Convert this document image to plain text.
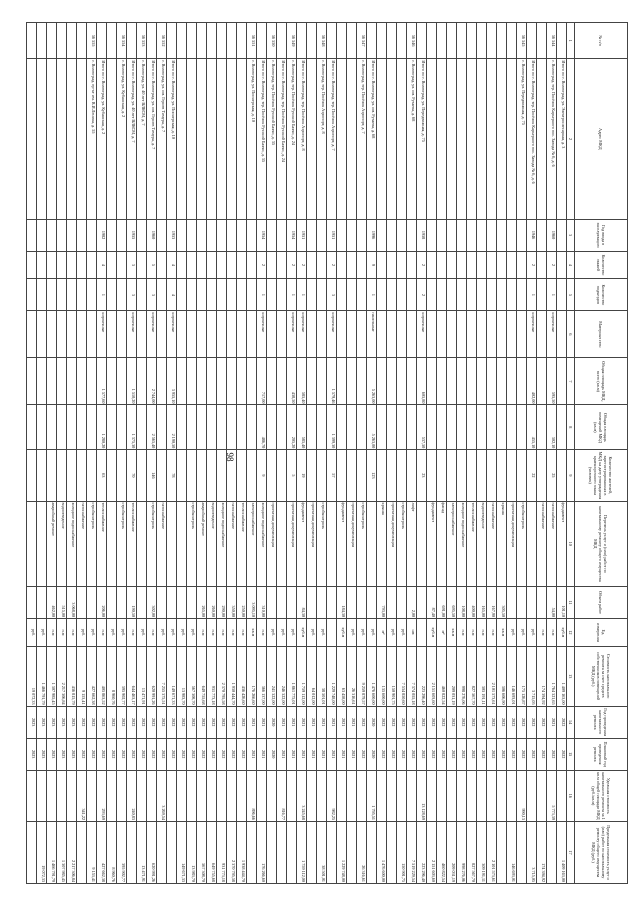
98
№ п/п	Адрес МКД	Год ввода в эксплуатацию	Количество этажей	Количество подъездов	Материал стен	Общая площадь МКД, всего (кв.м)	Общая площадь помещений МКД (кв.м)	Количество жителей, зарегистрированных в МКД на дату утверждения краткосрочного плана (человек)	Перечень услуг и (или) работ по капитальному ремонту общего имущества МКД	Объем работ	Ед. измерения	Стоимость капитального ремонта за счет средств собственников помещений МКД (руб.)	Год проведения капитального ремонта	Плановый год проведения ремонта	Удельная стоимость капитального ремонта за 1 кв.м общей площади МКД (руб./кв.м)	Предельная стоимость услуг и (или) работ по капитальному ремонту общего имущества МКД (руб.)
1	2	3	4	5	6	7	8	9	10	11	12	13	14	15	16	17
	Итого по г. Волгоград, ул. Электрослесарная, д. 3								фундамент	101,10	куб.м	1 409 163,00	2022	2022		1 409 163,00
56 544	г. Волгоград, тер. Посёлок Карьерного пос. Завода № 6, д. 6	1960	2	1	кирпичные	595,50	302,10	25	газоснабжение	54,00	п.м	1 764 321,65	2021	2022	5 773,39	
									газоснабжение		п.м	174 394,92	2022	2022		174 394,92
	Итого по г. Волгоград, тер. Посёлок Карьерного пос. Завода № 6, д. 6	1946	2	1	кирпичные	402,00	455,10	22			руб.	3 715,05	2022	2022		3 715,05
56 545	г. Волгоград, ул. Передвижная, д. 75								стройконтроль		руб.	175 126,87	2022	2022	990,13	
									проектная документация		руб.	146 693,01	2022	2022		146 693,01
									крыша	305,50	кв.м	306 606,90	2022	2022		
									газоснабжение	167,90	п.м	2 101 573,61	2022	2022		2 101 573,61
									водоотведение	165,00	п.м	305 191,11	2022	2022		309 191,11
									теплоснабжение	400,00	п.м	827 567,70	2022	2022		827 567,70
									холодное водоснабжение	108,00	п.м	998 276,06	2022	2022		998 276,06
									электроснабжение	695,50	кв.м	209 031,19	2022	2022		209 031,19
									фасад	691,00	м²	460 822,54	2022	2022		460 822,54
									фундамент	87,40	куб.м	2 151 603,60	2022	2022		2 151 603,60
	Итого по г. Волгоград, ул. Передвижная, д. 75	1958	2	2	кирпичные	605,80	537,50	23				223 296,40	2022	2022	13 128,69	223 296,40
56 546	г. Волгоград, ул. им. Рузаева, д. 68								лифт	2,00	шт.	7 374 055,18	2022	2022		7 519 229,54
									стройконтроль		руб.	7 534 850,60	2022	2022		150 901,75
									проектная документация		руб.	150 901,75	2022	2022		
									крыша	793,00	м²	135 600,00	2022	2022		1 476 600,00
	Итого по г. Волгоград, ул. им. Рузаева, д. 68	1996	9	1	панельные	5 263,00	5 263,00	123			руб.	1 476 600,00	2020	2020	1 795,51	
56 547	г. Волгоград, тер. Посёлок Аэропорт, д. 7								стройконтроль		руб.	9 259 879,57	2022	2022		26 316,61
									проектная документация		руб.	26 316,61	2021	2021		
									фундамент	184,30	куб.м	63 458,00	2021	2021		1 229 748,00
	Итого по г. Волгоград, тер. Посёлок Аэропорт, д. 7	1951	2	3	кирпичные	1 579,46	1 399,30	57				1 229 748,00	2021	2021	982,25	
56 548	г. Волгоград, тер. Посёлок Аэропорт, д. 8								стройконтроль		руб.	38 501,01	2021	2021		38 501,01
									проектная документация		руб.	64 012,00	2021	2021		
	Итого по г. Волгоград, тер. Посёлок Аэропорт, д. 8	1951	2	1	кирпичные	585,40	585,40	19	фундамент	84,30	куб.м	1 759 112,00	2021	2021	3 245,68	1 759 112,00
56 549	г. Волгоград, тер. Посёлок Русский Бахчи, д. 24	1954	2	1	кирпичные	438,50	205,20	5	проектная документация		руб.	1 861 775,01	2021	2021		
	Итого по г. Волгоград, тер. Посёлок Русский Бахчи, д. 24										руб.	246 322,00	2021	2021	816,77	
56 550	г. Волгоград, тер. Посёлок Русский Бахчи, д. 35								проектная документация		руб.	241 322,00	2020	2020		
	Итого по г. Волгоград, тер. Посёлок Русский Бахчи, д. 35	1954	2	1	кирпичные	717,00	486,70	9	холодное водоснабжение	310,00	п.м	366 137,00	2021	2021		176 266,60
56 551	г. Волгоград, ул. Пионерская, д. 10								электроснабжение	3 095,10	кв.м	176 266,60	2021	2021	896,66	
									теплоснабжение	250,00	п.м	436 426,60	2022	2022		1 938 444,70
									газоснабжение	350,00	п.м	1 930 444,70	2022	2022		2 370 795,58
									холодное водоснабжение	290,00	п.м	2 370 795,58	2022	2022		931 773,18
									водоотведение	260,00	п.м	931 773,18	2022	2022		649 755,68
									аварийный ремонт	265,00	п.м	649 755,68	2022	2022		567 308,70
									стройконтроль		руб.	567 308,70	2022	2022		13 983,70
											руб.	13 983,70	2022	2022		149 671,33
	Итого по г. Волгоград, ул. Пионерская, д. 10	1953	4	4	кирпичные	3 955,10	2 190,50	78			руб.	149 671,33	2022	2022		
56 552	г. Волгоград, ул. им. Героев Тимура, д. 7								газоснабжение		руб.	7 255 375,51	2022	2022	3 269,54	
	Итого по г. Волгоград, ул. им. Героев Тимура, д. 7	1960	5	3	кирпичные	2 744,00	2 565,40	146	стройконтроль	302,00	п.м	620 991,26	2022	2022		620 991,26
56 553	г. Волгоград, ул. 40 лет ВЛКСМ, д. 7										руб.	13 471,91	2022	2022		13 471,91
	Итого по г. Волгоград, ул. 40 лет ВЛКСМ, д. 7	1955	3	3	кирпичные	1 510,20	1 375,30	70	теплоснабжение	190,50	п.м	644 463,17	2022	2022	240,83	
56 554	г. Волгоград, ул. Кубанская, д. 2								стройконтроль		руб.	395 902,77	2022	2022		395 902,77
											руб.	8 960,76	2022	2022		8 960,76
	Итого по г. Волгоград, ул. Кубанская, д. 2	1982	4	1	кирпичные	1 577,60	1 280,20	63	теплоснабжение	206,00	п.м	405 863,52	2022	2022	293,69	427 662,38
56 555	г. Волгоград, пр-кт им. В.И.Ленина, д. 55								стройконтроль		руб.	427 662,38	2022	2022		9 153,41
									газоснабжение		руб.	9 153,41	2022	2022	341,22	
									холодное водоснабжение	3 068,00	п.м	436 815,79	2023	2023		2 217 306,84
									водоотведение	515,00	п.м	2 217 306,84	2023	2023		1 307 985,45
									аварийный ремонт	462,00	п.м	1 307 985,45	2023	2023		1 466 791,79
											руб.	1 466 791,79	2023	2023		19 072,33
											руб.	19 072,33	2023	2023		
